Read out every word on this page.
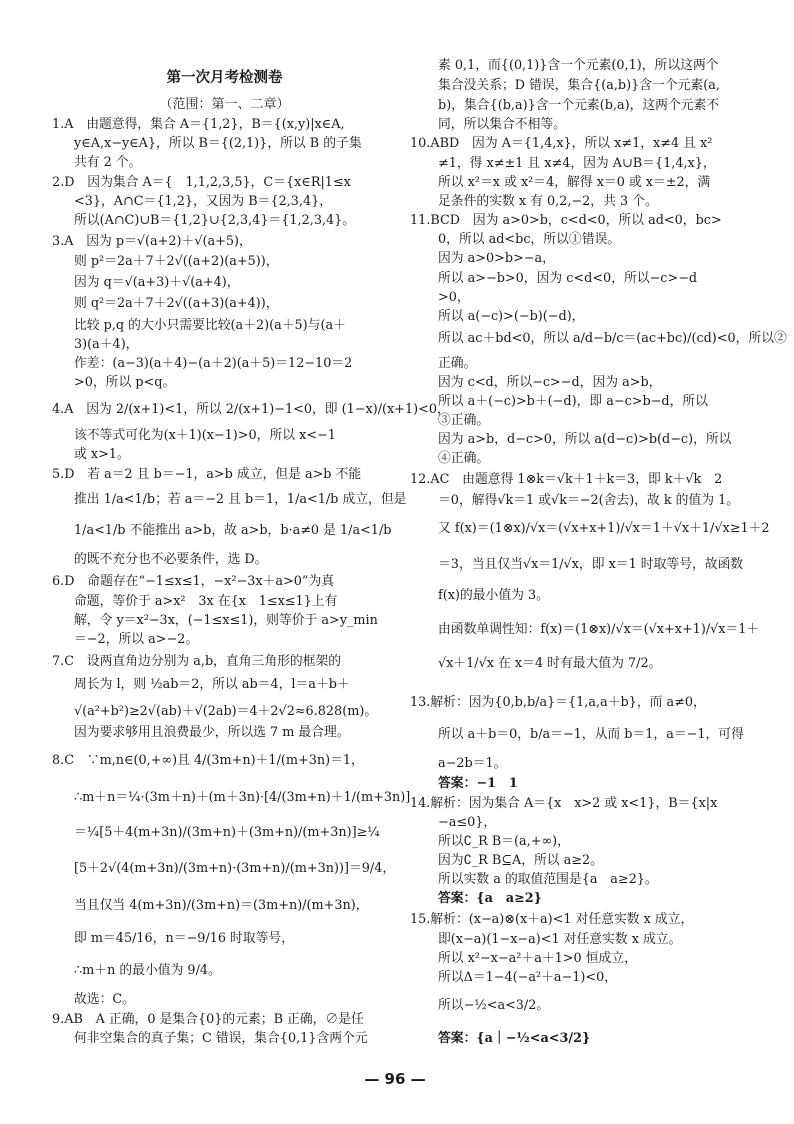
第一次月考检测卷
（范围：第一、二章）
1.A　由题意得，集合 A＝{1,2}，B＝{(x,y)|x∈A,
y∈A,x−y∈A}，所以 B＝{(2,1)}，所以 B 的子集
共有 2 个。
2.D　因为集合 A＝{　1,1,2,3,5}，C＝{x∈R|1≤x
<3}，A∩C＝{1,2}，又因为 B＝{2,3,4}，
所以(A∩C)∪B＝{1,2}∪{2,3,4}＝{1,2,3,4}。
3.A　因为 p＝√(a+2)＋√(a+5)，
则 p²＝2a＋7＋2√((a+2)(a+5))，
因为 q＝√(a+3)＋√(a+4)，
则 q²＝2a＋7＋2√((a+3)(a+4))，
比较 p,q 的大小只需要比较(a＋2)(a＋5)与(a＋
3)(a＋4)，
作差：(a−3)(a＋4)−(a＋2)(a＋5)＝12−10＝2
>0，所以 p<q。
4.A　因为 2/(x+1)<1，所以 2/(x+1)−1<0，即 (1−x)/(x+1)<0，
该不等式可化为(x＋1)(x−1)>0，所以 x<−1
或 x>1。
5.D　若 a＝2 且 b＝−1，a>b 成立，但是 a>b 不能
推出 1/a<1/b；若 a＝−2 且 b＝1，1/a<1/b 成立，但是
1/a<1/b 不能推出 a>b，故 a>b，b·a≠0 是 1/a<1/b
的既不充分也不必要条件，选 D。
6.D　命题存在“−1≤x≤1，−x²−3x＋a>0”为真
命题，等价于 a>x²　3x 在{x　1≤x≤1}上有
解，令 y＝x²−3x，(−1≤x≤1)，则等价于 a>y_min
＝−2，所以 a>−2。
7.C　设两直角边分别为 a,b，直角三角形的框架的
周长为 l，则 ½ab＝2，所以 ab＝4，l＝a＋b＋
√(a²+b²)≥2√(ab)＋√(2ab)＝4＋2√2≈6.828(m)。
因为要求够用且浪费最少，所以选 7 m 最合理。
8.C　∵m,n∈(0,+∞)且 4/(3m+n)＋1/(m+3n)＝1，
∴m＋n＝¼·(3m＋n)＋(m＋3n)·[4/(3m+n)＋1/(m+3n)]
＝¼[5＋4(m+3n)/(3m+n)＋(3m+n)/(m+3n)]≥¼
[5＋2√(4(m+3n)/(3m+n)·(3m+n)/(m+3n))]＝9/4，
当且仅当 4(m+3n)/(3m+n)＝(3m+n)/(m+3n)，
即 m＝45/16，n＝−9/16 时取等号，
∴m＋n 的最小值为 9/4。
故选：C。
9.AB　A 正确，0 是集合{0}的元素；B 正确，∅是任
何非空集合的真子集；C 错误，集合{0,1}含两个元
素 0,1，而{(0,1)}含一个元素(0,1)，所以这两个
集合没关系；D 错误，集合{(a,b)}含一个元素(a,
b)，集合{(b,a)}含一个元素(b,a)，这两个元素不
同，所以集合不相等。
10.ABD　因为 A＝{1,4,x}，所以 x≠1，x≠4 且 x²
≠1，得 x≠±1 且 x≠4，因为 A∪B＝{1,4,x}，
所以 x²＝x 或 x²＝4，解得 x＝0 或 x＝±2，满
足条件的实数 x 有 0,2,−2，共 3 个。
11.BCD　因为 a>0>b，c<d<0，所以 ad<0，bc>
0，所以 ad<bc，所以①错误。
因为 a>0>b>−a，
所以 a>−b>0，因为 c<d<0，所以−c>−d
>0，
所以 a(−c)>(−b)(−d)，
所以 ac＋bd<0，所以 a/d−b/c＝(ac+bc)/(cd)<0，所以②
正确。
因为 c<d，所以−c>−d，因为 a>b，
所以 a＋(−c)>b＋(−d)，即 a−c>b−d，所以
③正确。
因为 a>b，d−c>0，所以 a(d−c)>b(d−c)，所以
④正确。
12.AC　由题意得 1⊗k＝√k＋1＋k＝3，即 k＋√k　2
＝0，解得√k＝1 或√k＝−2(舍去)，故 k 的值为 1。
又 f(x)＝(1⊗x)/√x＝(√x+x+1)/√x＝1＋√x＋1/√x≥1＋2
＝3，当且仅当√x＝1/√x，即 x＝1 时取等号，故函数
f(x)的最小值为 3。
由函数单调性知：f(x)＝(1⊗x)/√x＝(√x+x+1)/√x＝1＋
√x＋1/√x 在 x＝4 时有最大值为 7/2。
13.解析：因为{0,b,b/a}＝{1,a,a＋b}，而 a≠0，
所以 a＋b＝0，b/a＝−1，从而 b＝1，a＝−1，可得
a−2b＝1。
答案：−1　1
14.解析：因为集合 A＝{x　x>2 或 x<1}，B＝{x|x
−a≤0}，
所以∁_R B＝(a,+∞)，
因为∁_R B⊆A，所以 a≥2。
所以实数 a 的取值范围是{a　a≥2}。
答案：{a　a≥2}
15.解析：(x−a)⊗(x＋a)<1 对任意实数 x 成立，
即(x−a)(1−x−a)<1 对任意实数 x 成立。
所以 x²−x−a²＋a＋1>0 恒成立，
所以Δ＝1−4(−a²＋a−1)<0，
所以−½<a<3/2。
答案：{a｜−½<a<3/2}
— 96 —
